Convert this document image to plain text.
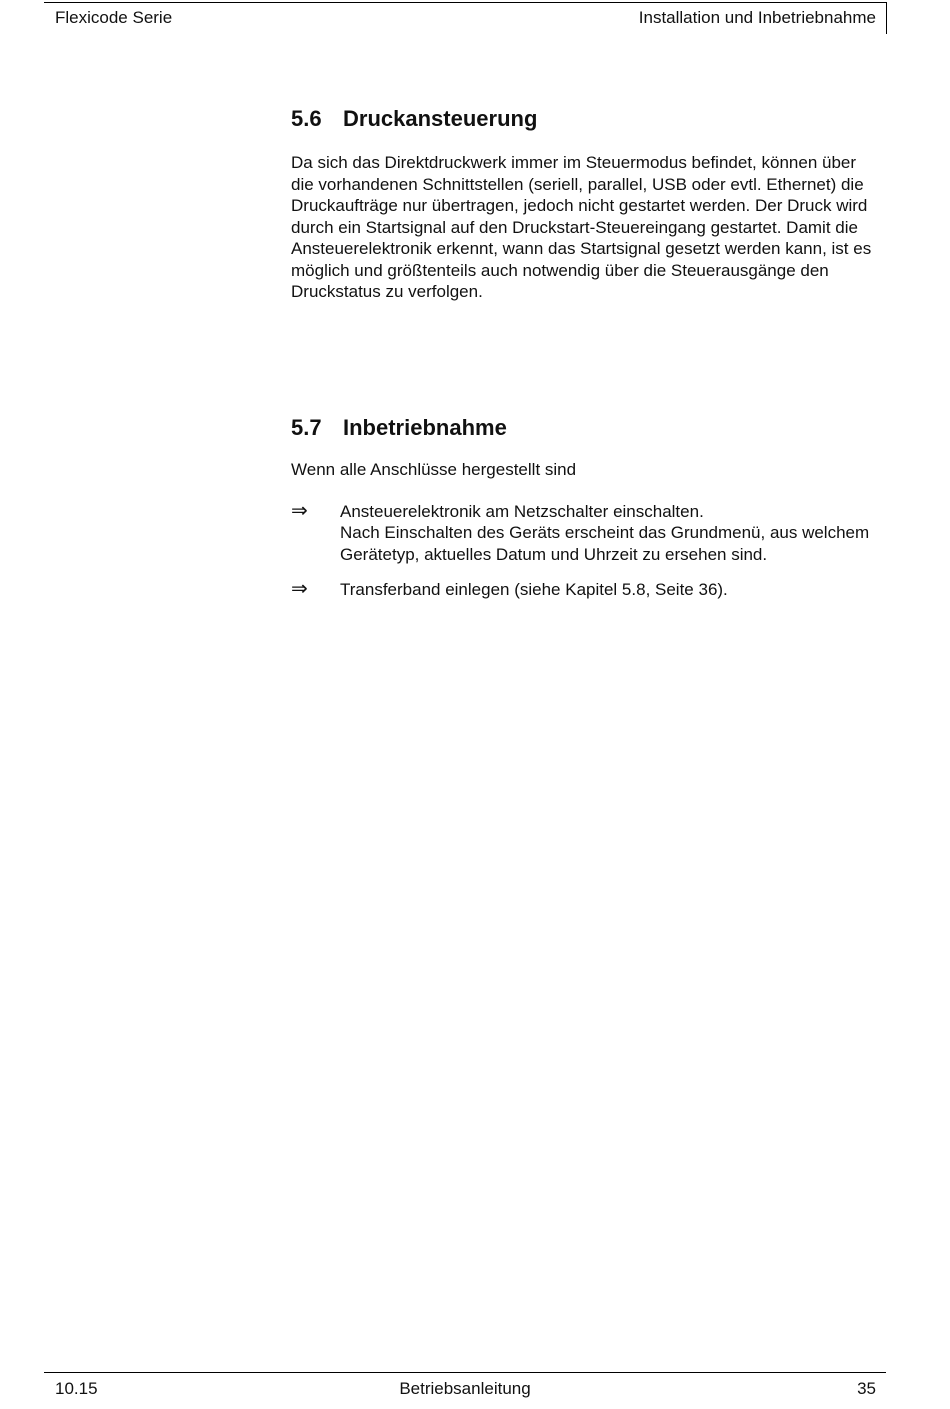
Flexicode Serie	Installation und Inbetriebnahme
5.6 Druckansteuerung

Da sich das Direktdruckwerk immer im Steuermodus befindet, können über die vorhandenen Schnittstellen (seriell, parallel, USB oder evtl. Ethernet) die Druckaufträge nur übertragen, jedoch nicht gestartet werden. Der Druck wird durch ein Startsignal auf den Druckstart-Steuereingang gestartet. Damit die Ansteuerelektronik erkennt, wann das Startsignal gesetzt werden kann, ist es möglich und größtenteils auch notwendig über die Steuerausgänge den Druckstatus zu verfolgen.

5.7 Inbetriebnahme

Wenn alle Anschlüsse hergestellt sind

⇒ Ansteuerelektronik am Netzschalter einschalten.
Nach Einschalten des Geräts erscheint das Grundmenü, aus welchem Gerätetyp, aktuelles Datum und Uhrzeit zu ersehen sind.
⇒ Transferband einlegen (siehe Kapitel 5.8, Seite 36).
10.15	Betriebsanleitung	35
